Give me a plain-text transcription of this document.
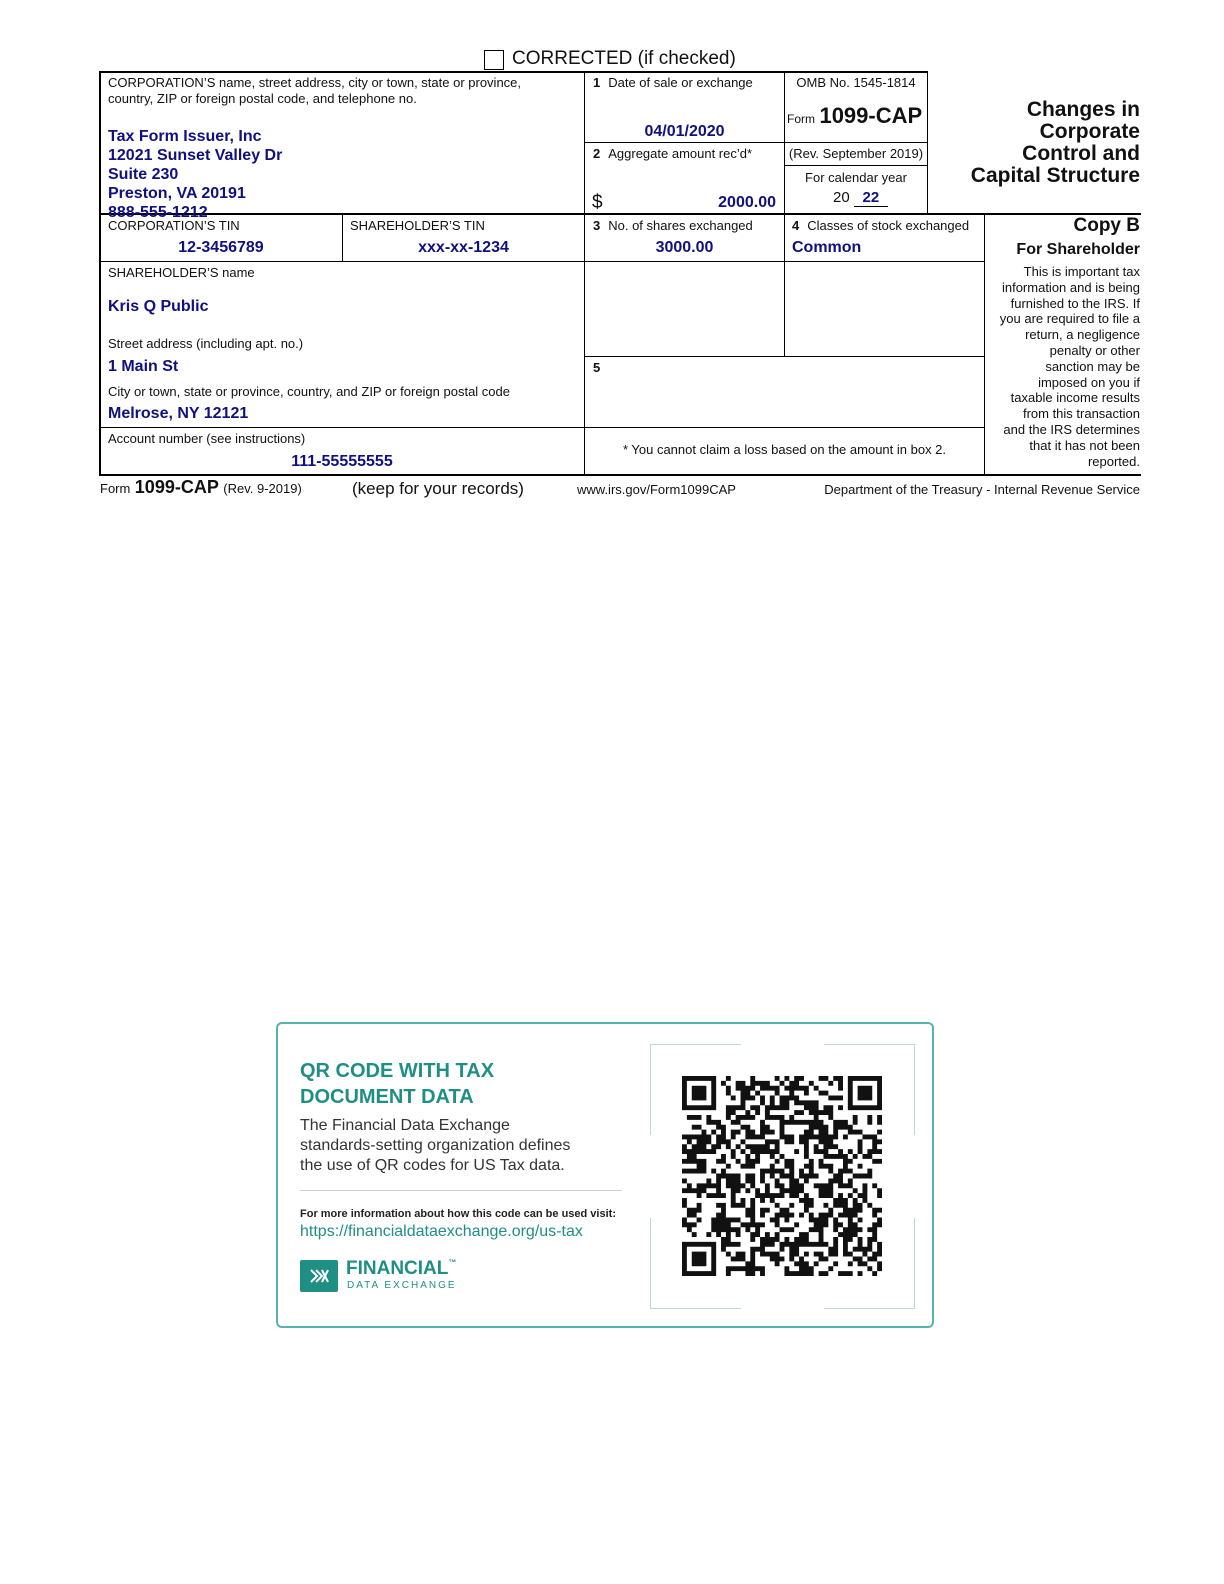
CORRECTED (if checked)
CORPORATION’S name, street address, city or town, state or province,
country, ZIP or foreign postal code, and telephone no.
Tax Form Issuer, Inc
12021 Sunset Valley Dr
Suite 230
Preston, VA 20191
888-555-1212
1 Date of sale or exchange
04/01/2020
2 Aggregate amount rec’d*
$	2000.00
OMB No. 1545-1814
Form 1099-CAP
(Rev. September 2019)
For calendar year
20 22
Changes in
Corporate
Control and
Capital Structure
CORPORATION’S TIN
12-3456789
SHAREHOLDER’S TIN
xxx-xx-1234
3 No. of shares exchanged
3000.00
4 Classes of stock exchanged
Common
Copy B
For Shareholder
This is important tax
information and is being
furnished to the IRS. If
you are required to file a
return, a negligence
penalty or other
sanction may be
imposed on you if
taxable income results
from this transaction
and the IRS determines
that it has not been
reported.
SHAREHOLDER’S name
Kris Q Public
Street address (including apt. no.)
1 Main St
City or town, state or province, country, and ZIP or foreign postal code
Melrose, NY 12121
5
Account number (see instructions)
111-55555555
* You cannot claim a loss based on the amount in box 2.
Form 1099-CAP (Rev. 9-2019)	(keep for your records)	www.irs.gov/Form1099CAP	Department of the Treasury - Internal Revenue Service
QR CODE WITH TAX
DOCUMENT DATA
The Financial Data Exchange
standards-setting organization defines
the use of QR codes for US Tax data.
For more information about how this code can be used visit:
https://financialdataexchange.org/us-tax
FINANCIAL™
DATA EXCHANGE
